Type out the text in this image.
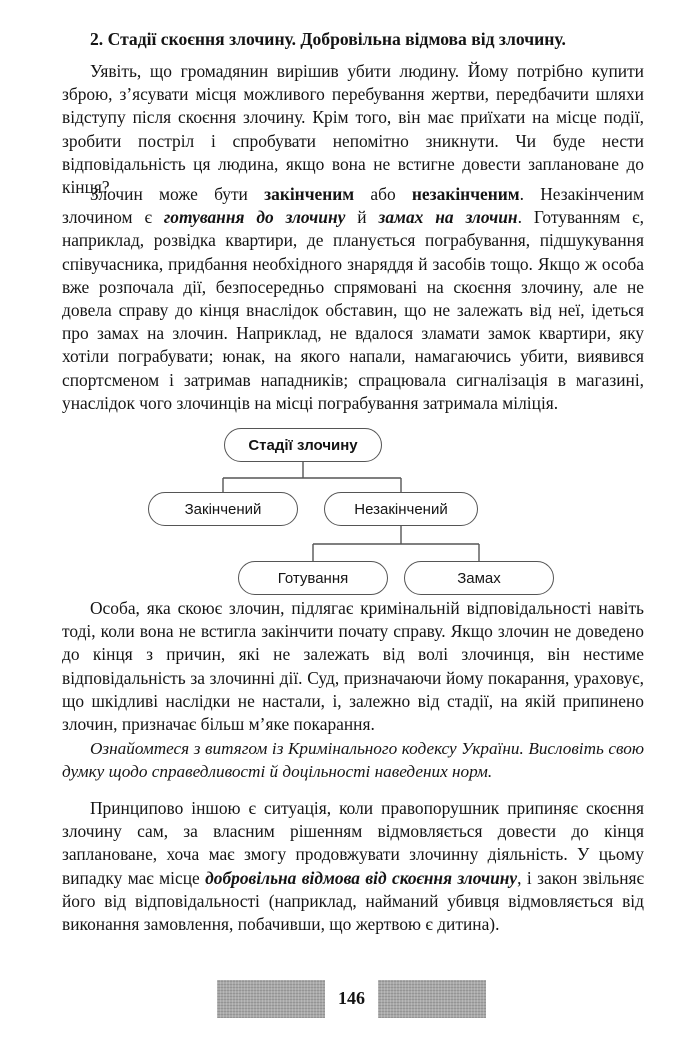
2. Стадії скоєння злочину. Добровільна відмова від злочину.

Уявіть, що громадянин вирішив убити людину. Йому потрібно купити зброю, з’ясувати місця можливого перебування жертви, передбачити шляхи відступу після скоєння злочину. Крім того, він має приїхати на місце події, зробити постріл і спробувати непомітно зникнути. Чи буде нести відповідальність ця людина, якщо вона не встигне довести заплановане до кінця?

Злочин може бути закінченим або незакінченим. Незакінченим злочином є готування до злочину й замах на злочин. Готуванням є, наприклад, розвідка квартири, де планується пограбування, підшукування співучасника, придбання необхідного знаряддя й засобів тощо. Якщо ж особа вже розпочала дії, безпосередньо спрямовані на скоєння злочину, але не довела справу до кінця внаслідок обставин, що не залежать від неї, ідеться про замах на злочин. Наприклад, не вдалося зламати замок квартири, яку хотіли пограбувати; юнак, на якого напали, намагаючись убити, виявився спортсменом і затримав нападників; спрацювала сигналізація в магазині, унаслідок чого злочинців на місці пограбування затримала міліція.

Стадії злочину
Закінчений	Незакінчений
Готування	Замах

Особа, яка скоює злочин, підлягає кримінальній відповідальності навіть тоді, коли вона не встигла закінчити почату справу. Якщо злочин не доведено до кінця з причин, які не залежать від волі злочинця, він нестиме відповідальність за злочинні дії. Суд, призначаючи йому покарання, ураховує, що шкідливі наслідки не настали, і, залежно від стадії, на якій припинено злочин, призначає більш м’яке покарання.

Ознайомтеся з витягом із Кримінального кодексу України. Висловіть свою думку щодо справедливості й доцільності наведених норм.

Принципово іншою є ситуація, коли правопорушник припиняє скоєння злочину сам, за власним рішенням відмовляється довести до кінця заплановане, хоча має змогу продовжувати злочинну діяльність. У цьому випадку має місце добровільна відмова від скоєння злочину, і закон звільняє його від відповідальності (наприклад, найманий убивця відмовляється від виконання замовлення, побачивши, що жертвою є дитина).

146
